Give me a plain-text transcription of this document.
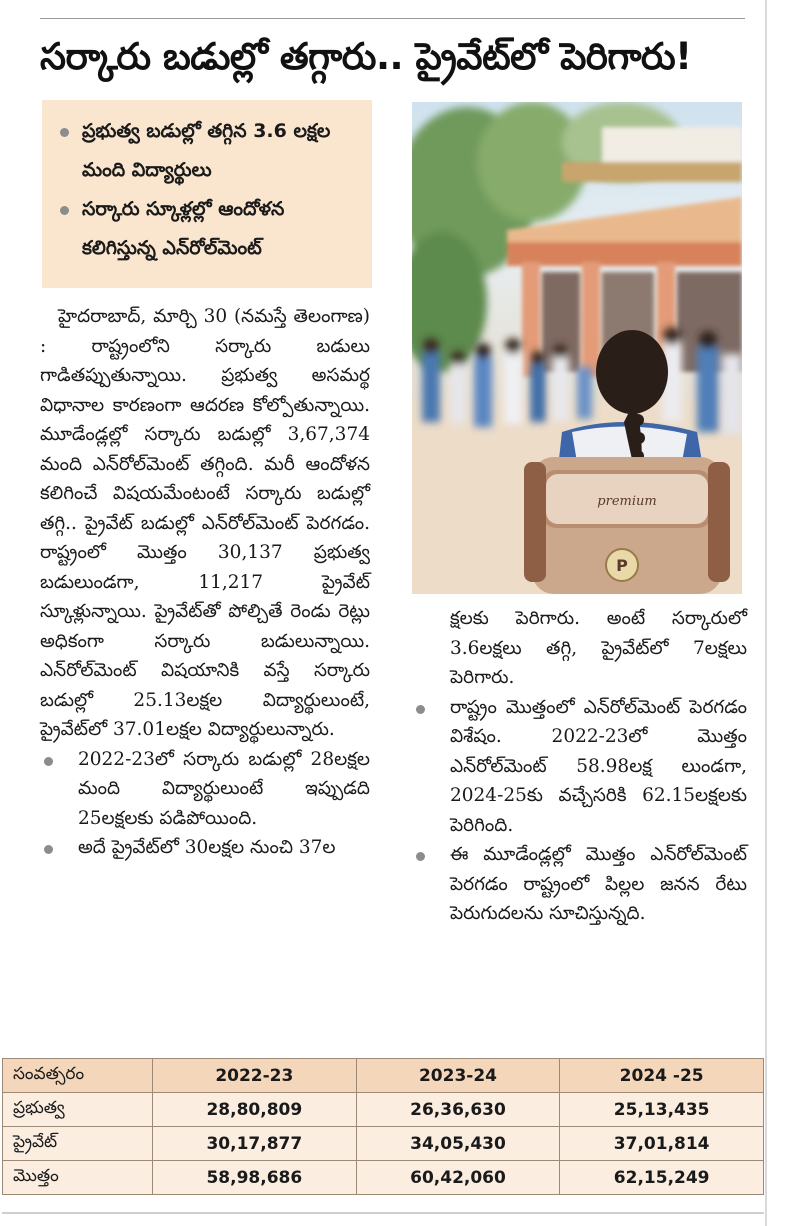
సర్కారు బడుల్లో తగ్గారు.. ప్రైవేట్‌లో పెరిగారు!
ప్రభుత్వ బడుల్లో తగ్గిన 3.6 లక్షల మంది విద్యార్థులు
సర్కారు స్కూళ్లల్లో ఆందోళన కలిగిస్తున్న ఎన్‌రోల్‌మెంట్
premium
P

హైదరాబాద్, మార్చి 30 (నమస్తే తెలంగాణ) : రాష్ట్రంలోని సర్కారు బడులు గాడితప్పుతున్నాయి. ప్రభుత్వ అసమర్థ విధానాల కారణంగా ఆదరణ కోల్పోతున్నాయి. మూడేండ్లల్లో సర్కారు బడుల్లో 3,67,374 మంది ఎన్‌రోల్‌మెంట్ తగ్గింది. మరీ ఆందోళన కలిగించే విషయమేంటంటే సర్కారు బడుల్లో తగ్గి.. ప్రైవేట్ బడుల్లో ఎన్‌రోల్‌మెంట్ పెరగడం. రాష్ట్రంలో మొత్తం 30,137 ప్రభుత్వ బడులుండగా, 11,217 ప్రైవేట్ స్కూళ్లున్నాయి. ప్రైవేట్‌తో పోల్చితే రెండు రెట్లు అధికంగా సర్కారు బడులున్నాయి. ఎన్‌రోల్‌మెంట్ విషయానికి వస్తే సర్కారు బడుల్లో 25.13లక్షల విద్యార్థులుంటే, ప్రైవేట్‌లో 37.01లక్షల విద్యార్థులున్నారు.

2022-23లో సర్కారు బడుల్లో 28లక్షల మంది విద్యార్థులుంటే ఇప్పుడది 25లక్షలకు పడిపోయింది.

అదే ప్రైవేట్‌లో 30లక్షల నుంచి 37ల

క్షలకు పెరిగారు. అంటే సర్కారులో 3.6లక్షలు తగ్గి, ప్రైవేట్‌లో 7లక్షలు పెరిగారు.

రాష్ట్రం మొత్తంలో ఎన్‌రోల్‌మెంట్ పెరగడం విశేషం. 2022-23లో మొత్తం ఎన్‌రోల్‌మెంట్ 58.98లక్ష లుండగా, 2024-25కు వచ్చేసరికి 62.15లక్షలకు పెరిగింది.

ఈ మూడేండ్లల్లో మొత్తం ఎన్‌రోల్‌మెంట్ పెరగడం రాష్ట్రంలో పిల్లల జనన రేటు పెరుగుదలను సూచిస్తున్నది.

సంవత్సరం	2022-23	2023-24	2024 -25
ప్రభుత్వ	28,80,809	26,36,630	25,13,435
ప్రైవేట్	30,17,877	34,05,430	37,01,814
మొత్తం	58,98,686	60,42,060	62,15,249
